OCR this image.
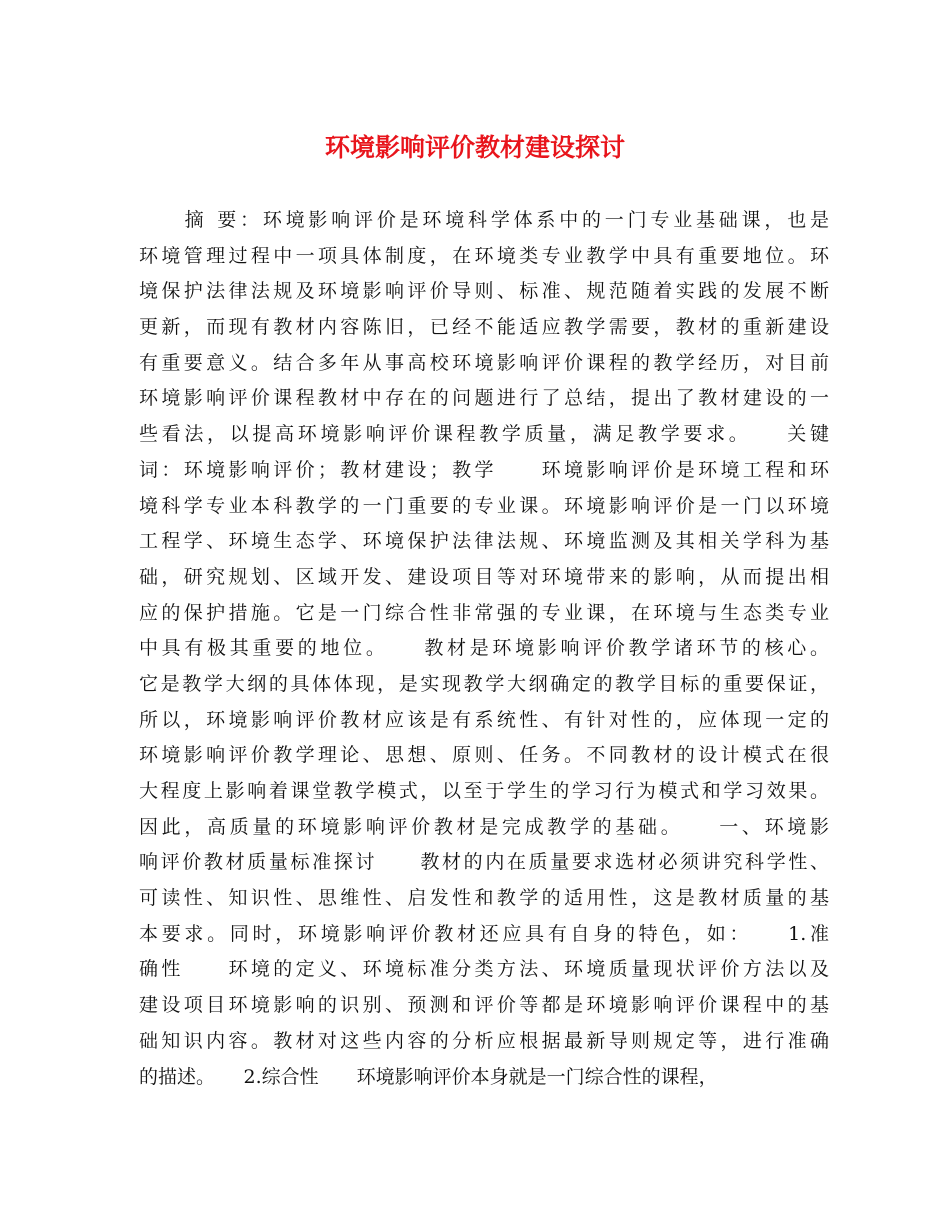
环境影响评价教材建设探讨
　　摘 要：环境影响评价是环境科学体系中的一门专业基础课，也是
环境管理过程中一项具体制度，在环境类专业教学中具有重要地位。环
境保护法律法规及环境影响评价导则、标准、规范随着实践的发展不断
更新，而现有教材内容陈旧，已经不能适应教学需要，教材的重新建设
有重要意义。结合多年从事高校环境影响评价课程的教学经历，对目前
环境影响评价课程教材中存在的问题进行了总结，提出了教材建设的一
些看法，以提高环境影响评价课程教学质量，满足教学要求。　　关键
词：环境影响评价；教材建设；教学　　环境影响评价是环境工程和环
境科学专业本科教学的一门重要的专业课。环境影响评价是一门以环境
工程学、环境生态学、环境保护法律法规、环境监测及其相关学科为基
础，研究规划、区域开发、建设项目等对环境带来的影响，从而提出相
应的保护措施。它是一门综合性非常强的专业课，在环境与生态类专业
中具有极其重要的地位。　　教材是环境影响评价教学诸环节的核心。
它是教学大纲的具体体现，是实现教学大纲确定的教学目标的重要保证，
所以，环境影响评价教材应该是有系统性、有针对性的，应体现一定的
环境影响评价教学理论、思想、原则、任务。不同教材的设计模式在很
大程度上影响着课堂教学模式，以至于学生的学习行为模式和学习效果。
因此，高质量的环境影响评价教材是完成教学的基础。　　一、环境影
响评价教材质量标准探讨　　教材的内在质量要求选材必须讲究科学性、
可读性、知识性、思维性、启发性和教学的适用性，这是教材质量的基
本要求。同时，环境影响评价教材还应具有自身的特色，如：　　1.准
确性　　环境的定义、环境标准分类方法、环境质量现状评价方法以及
建设项目环境影响的识别、预测和评价等都是环境影响评价课程中的基
础知识内容。教材对这些内容的分析应根据最新导则规定等，进行准确
的描述。　　2.综合性　　环境影响评价本身就是一门综合性的课程，
